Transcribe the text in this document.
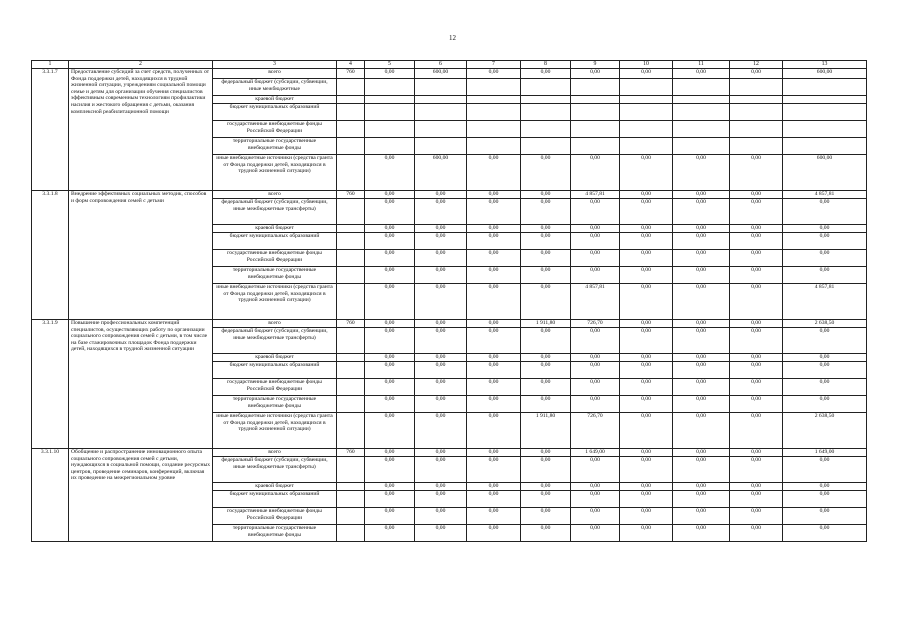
12
1	2	3	4	5	6	7	8	9	10	11	12	13
3.3.1.7	Предоставление субсидий за счет средств, полученных от Фонда поддержки детей, находящихся в трудной жизненной ситуации, учреждениям социальной помощи семье и детям для организации обучения специалистов эффективным современным технологиям профилактики насилия и жестокого обращения с детьми, оказания комплексной реабилитационной помощи	всего	760	0,00	600,00	0,00	0,00	0,00	0,00	0,00	0,00	600,00
		федеральный бюджет (субсидии, субвенции, иные межбюджетные										
		краевой бюджет										
		бюджет муниципальных образований										
		государственные внебюджетные фонды Российской Федерации										
		территориальные государственные внебюджетные фонды										
		иные внебюджетные источники (средства гранта от Фонда поддержки детей, находящихся в трудной жизненной ситуации)		0,00	600,00	0,00	0,00	0,00	0,00	0,00	0,00	600,00
3.3.1.8	Внедрение эффективных социальных методик, способов и форм сопровождения семей с детьми	всего	760	0,00	0,00	0,00	0,00	4 857,81	0,00	0,00	0,00	4 857,81
		федеральный бюджет (субсидии, субвенции, иные межбюджетные трансферты)		0,00	0,00	0,00	0,00	0,00	0,00	0,00	0,00	0,00
		краевой бюджет		0,00	0,00	0,00	0,00	0,00	0,00	0,00	0,00	0,00
		бюджет муниципальных образований		0,00	0,00	0,00	0,00	0,00	0,00	0,00	0,00	0,00
		государственные внебюджетные фонды Российской Федерации		0,00	0,00	0,00	0,00	0,00	0,00	0,00	0,00	0,00
		территориальные государственные внебюджетные фонды		0,00	0,00	0,00	0,00	0,00	0,00	0,00	0,00	0,00
		иные внебюджетные источники (средства гранта от Фонда поддержки детей, находящихся в трудной жизненной ситуации)		0,00	0,00	0,00	0,00	4 857,81	0,00	0,00	0,00	4 857,81
3.3.1.9	Повышение профессиональных компетенций специалистов, осуществляющих работу по организации социального сопровождения семей с детьми, в том числе на базе стажировочных площадок Фонда поддержки детей, находящихся в трудной жизненной ситуации	всего	760	0,00	0,00	0,00	1 911,80	726,70	0,00	0,00	0,00	2 638,50
		федеральный бюджет (субсидии, субвенции, иные межбюджетные трансферты)		0,00	0,00	0,00	0,00	0,00	0,00	0,00	0,00	0,00
		краевой бюджет		0,00	0,00	0,00	0,00	0,00	0,00	0,00	0,00	0,00
		бюджет муниципальных образований		0,00	0,00	0,00	0,00	0,00	0,00	0,00	0,00	0,00
		государственные внебюджетные фонды Российской Федерации		0,00	0,00	0,00	0,00	0,00	0,00	0,00	0,00	0,00
		территориальные государственные внебюджетные фонды		0,00	0,00	0,00	0,00	0,00	0,00	0,00	0,00	0,00
		иные внебюджетные источники (средства гранта от Фонда поддержки детей, находящихся в трудной жизненной ситуации)		0,00	0,00	0,00	1 911,80	726,70	0,00	0,00	0,00	2 638,50
3.3.1.10	Обобщение и распространение инновационного опыта социального сопровождения семей с детьми, нуждающихся в социальной помощи, создание ресурсных центров, проведение семинаров, конференций, включая их проведение на межрегиональном уровне	всего	760	0,00	0,00	0,00	0,00	1 649,00	0,00	0,00	0,00	1 649,00
		федеральный бюджет (субсидии, субвенции, иные межбюджетные трансферты)		0,00	0,00	0,00	0,00	0,00	0,00	0,00	0,00	0,00
		краевой бюджет		0,00	0,00	0,00	0,00	0,00	0,00	0,00	0,00	0,00
		бюджет муниципальных образований		0,00	0,00	0,00	0,00	0,00	0,00	0,00	0,00	0,00
		государственные внебюджетные фонды Российской Федерации		0,00	0,00	0,00	0,00	0,00	0,00	0,00	0,00	0,00
		территориальные государственные внебюджетные фонды		0,00	0,00	0,00	0,00	0,00	0,00	0,00	0,00	0,00
